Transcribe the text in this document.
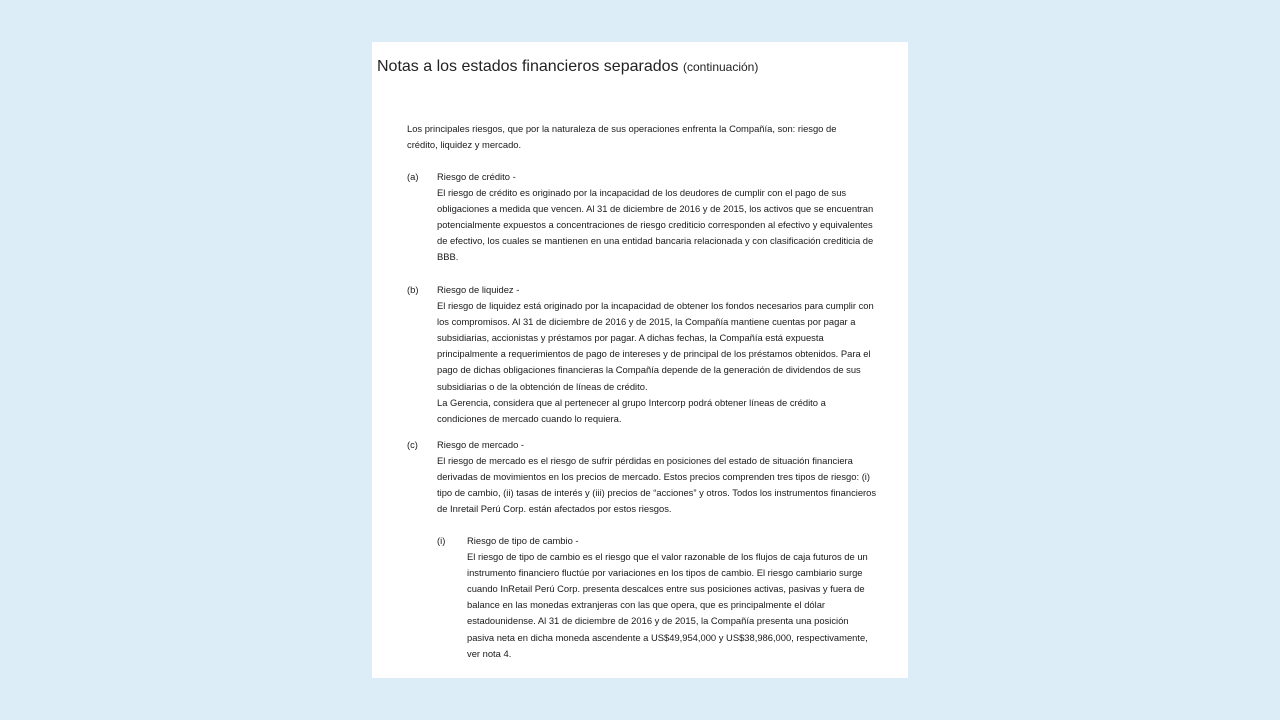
Notas a los estados financieros separados (continuación)
Los principales riesgos, que por la naturaleza de sus operaciones enfrenta la Compañía, son: riesgo de crédito, liquidez y mercado.
(a) Riesgo de crédito -
El riesgo de crédito es originado por la incapacidad de los deudores de cumplir con el pago de sus obligaciones a medida que vencen. Al 31 de diciembre de 2016 y de 2015, los activos que se encuentran potencialmente expuestos a concentraciones de riesgo crediticio corresponden al efectivo y equivalentes de efectivo, los cuales se mantienen en una entidad bancaria relacionada y con clasificación crediticia de BBB.
(b) Riesgo de liquidez -
El riesgo de liquidez está originado por la incapacidad de obtener los fondos necesarios para cumplir con los compromisos. Al 31 de diciembre de 2016 y de 2015, la Compañía mantiene cuentas por pagar a subsidiarias, accionistas y préstamos por pagar. A dichas fechas, la Compañía está expuesta principalmente a requerimientos de pago de intereses y de principal de los préstamos obtenidos. Para el pago de dichas obligaciones financieras la Compañía depende de la generación de dividendos de sus subsidiarias o de la obtención de líneas de crédito.
La Gerencia, considera que al pertenecer al grupo Intercorp podrá obtener líneas de crédito a condiciones de mercado cuando lo requiera.
(c) Riesgo de mercado -
El riesgo de mercado es el riesgo de sufrir pérdidas en posiciones del estado de situación financiera derivadas de movimientos en los precios de mercado. Estos precios comprenden tres tipos de riesgo: (i) tipo de cambio, (ii) tasas de interés y (iii) precios de “acciones” y otros. Todos los instrumentos financieros de Inretail Perú Corp. están afectados por estos riesgos.
(i) Riesgo de tipo de cambio -
El riesgo de tipo de cambio es el riesgo que el valor razonable de los flujos de caja futuros de un instrumento financiero fluctúe por variaciones en los tipos de cambio. El riesgo cambiario surge cuando InRetail Perú Corp. presenta descalces entre sus posiciones activas, pasivas y fuera de balance en las monedas extranjeras con las que opera, que es principalmente el dólar estadounidense. Al 31 de diciembre de 2016 y de 2015, la Compañía presenta una posición pasiva neta en dicha moneda ascendente a US$49,954,000 y US$38,986,000, respectivamente, ver nota 4.
